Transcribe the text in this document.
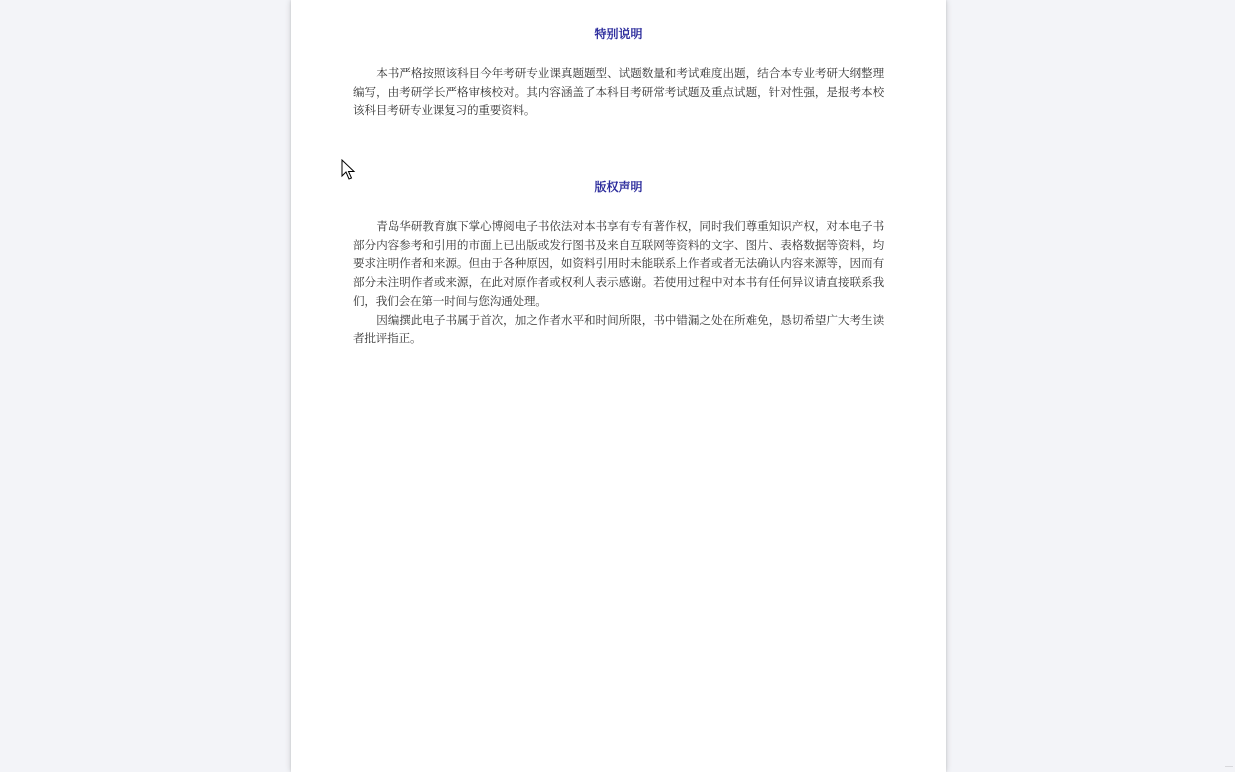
特别说明

本书严格按照该科目今年考研专业课真题题型、试题数量和考试难度出题，结合本专业考研大纲整理编写，由考研学长严格审核校对。其内容涵盖了本科目考研常考试题及重点试题，针对性强，是报考本校该科目考研专业课复习的重要资料。

版权声明

青岛华研教育旗下掌心博阅电子书依法对本书享有专有著作权，同时我们尊重知识产权，对本电子书部分内容参考和引用的市面上已出版或发行图书及来自互联网等资料的文字、图片、表格数据等资料，均要求注明作者和来源。但由于各种原因，如资料引用时未能联系上作者或者无法确认内容来源等，因而有部分未注明作者或来源，在此对原作者或权利人表示感谢。若使用过程中对本书有任何异议请直接联系我们，我们会在第一时间与您沟通处理。

因编撰此电子书属于首次，加之作者水平和时间所限，书中错漏之处在所难免，恳切希望广大考生读者批评指正。
